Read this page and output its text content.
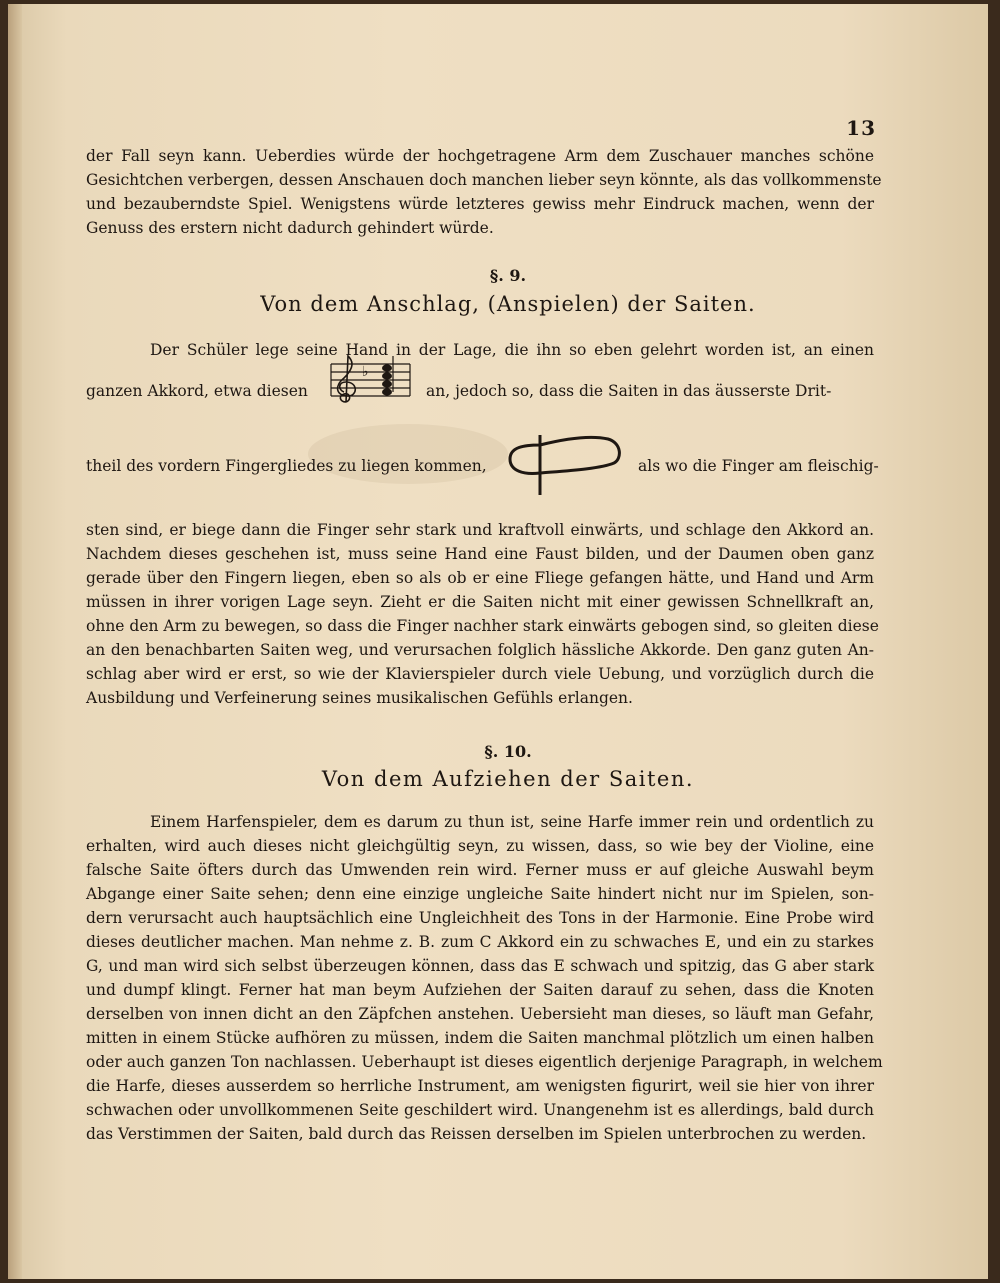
13
der Fall seyn kann. Ueberdies würde der hochgetragene Arm dem Zuschauer manches schöne
Gesichtchen verbergen, dessen Anschauen doch manchen lieber seyn könnte, als das vollkommenste
und bezauberndste Spiel. Wenigstens würde letzteres gewiss mehr Eindruck machen, wenn der
Genuss des erstern nicht dadurch gehindert würde.
§. 9.
Von dem Anschlag, (Anspielen) der Saiten.
Der Schüler lege seine Hand in der Lage, die ihn so eben gelehrt worden ist, an einen
ganzen Akkord, etwa diesen
♭
an, jedoch so, dass die Saiten in das äusserste Drit-
theil des vordern Fingergliedes zu liegen kommen,	als wo die Finger am fleischig-
sten sind, er biege dann die Finger sehr stark und kraftvoll einwärts, und schlage den Akkord an.
Nachdem dieses geschehen ist, muss seine Hand eine Faust bilden, und der Daumen oben ganz
gerade über den Fingern liegen, eben so als ob er eine Fliege gefangen hätte, und Hand und Arm
müssen in ihrer vorigen Lage seyn. Zieht er die Saiten nicht mit einer gewissen Schnellkraft an,
ohne den Arm zu bewegen, so dass die Finger nachher stark einwärts gebogen sind, so gleiten diese
an den benachbarten Saiten weg, und verursachen folglich hässliche Akkorde. Den ganz guten An-
schlag aber wird er erst, so wie der Klavierspieler durch viele Uebung, und vorzüglich durch die
Ausbildung und Verfeinerung seines musikalischen Gefühls erlangen.
§. 10.
Von dem Aufziehen der Saiten.
Einem Harfenspieler, dem es darum zu thun ist, seine Harfe immer rein und ordentlich zu
erhalten, wird auch dieses nicht gleichgültig seyn, zu wissen, dass, so wie bey der Violine, eine
falsche Saite öfters durch das Umwenden rein wird. Ferner muss er auf gleiche Auswahl beym
Abgange einer Saite sehen; denn eine einzige ungleiche Saite hindert nicht nur im Spielen, son-
dern verursacht auch hauptsächlich eine Ungleichheit des Tons in der Harmonie. Eine Probe wird
dieses deutlicher machen. Man nehme z. B. zum C Akkord ein zu schwaches E, und ein zu starkes
G, und man wird sich selbst überzeugen können, dass das E schwach und spitzig, das G aber stark
und dumpf klingt. Ferner hat man beym Aufziehen der Saiten darauf zu sehen, dass die Knoten
derselben von innen dicht an den Zäpfchen anstehen. Uebersieht man dieses, so läuft man Gefahr,
mitten in einem Stücke aufhören zu müssen, indem die Saiten manchmal plötzlich um einen halben
oder auch ganzen Ton nachlassen. Ueberhaupt ist dieses eigentlich derjenige Paragraph, in welchem
die Harfe, dieses ausserdem so herrliche Instrument, am wenigsten figurirt, weil sie hier von ihrer
schwachen oder unvollkommenen Seite geschildert wird. Unangenehm ist es allerdings, bald durch
das Verstimmen der Saiten, bald durch das Reissen derselben im Spielen unterbrochen zu werden.
